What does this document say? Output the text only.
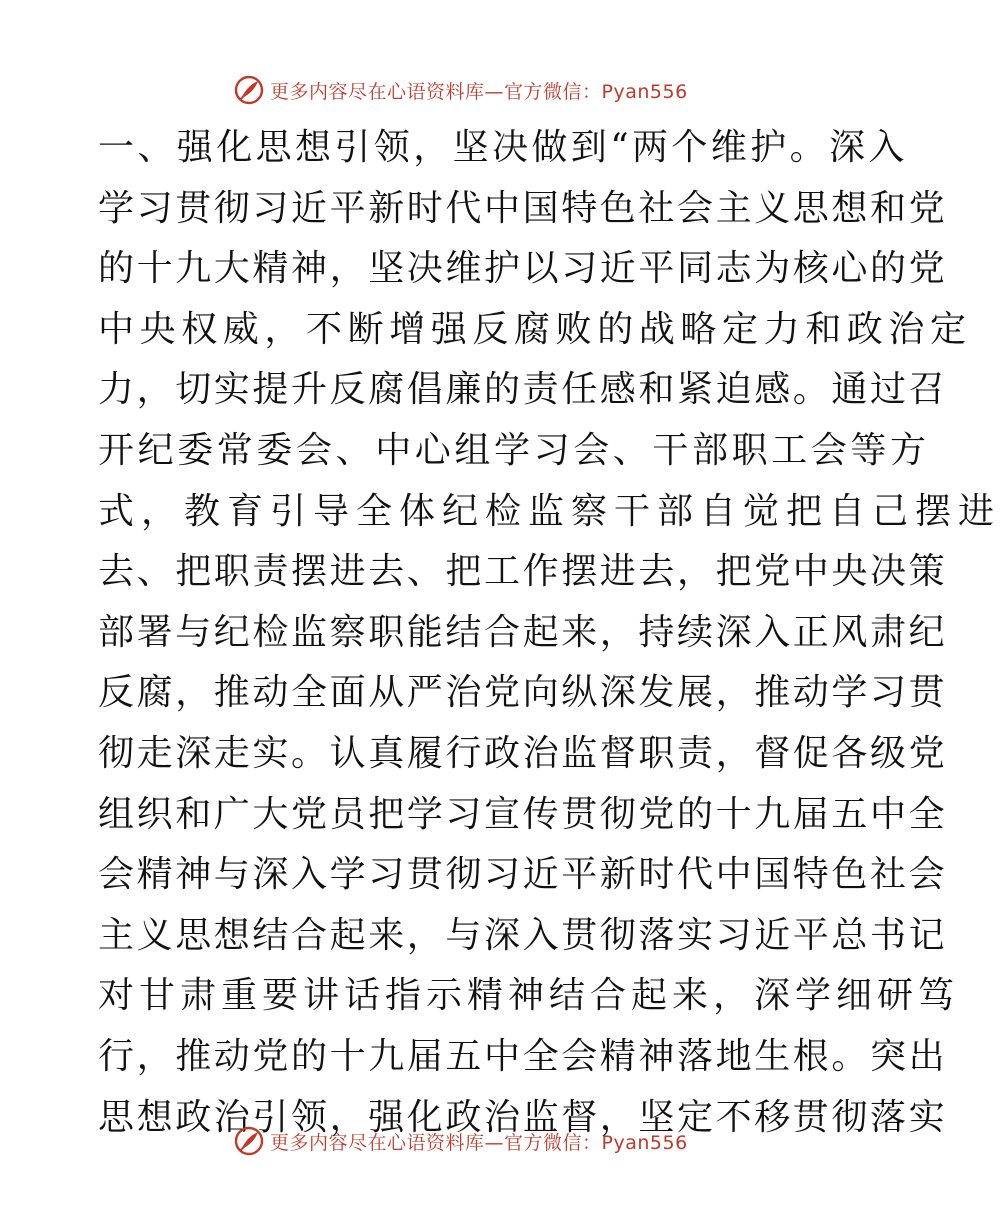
更多内容尽在心语资料库—官方微信：Pyan556
一、强化思想引领，坚决做到“两个维护。深入
学习贯彻习近平新时代中国特色社会主义思想和党
的十九大精神，坚决维护以习近平同志为核心的党
中央权威，不断增强反腐败的战略定力和政治定
力，切实提升反腐倡廉的责任感和紧迫感。通过召
开纪委常委会、中心组学习会、干部职工会等方
式，教育引导全体纪检监察干部自觉把自己摆进
去、把职责摆进去、把工作摆进去，把党中央决策
部署与纪检监察职能结合起来，持续深入正风肃纪
反腐，推动全面从严治党向纵深发展，推动学习贯
彻走深走实。认真履行政治监督职责，督促各级党
组织和广大党员把学习宣传贯彻党的十九届五中全
会精神与深入学习贯彻习近平新时代中国特色社会
主义思想结合起来，与深入贯彻落实习近平总书记
对甘肃重要讲话指示精神结合起来，深学细研笃
行，推动党的十九届五中全会精神落地生根。突出
思想政治引领，强化政治监督，坚定不移贯彻落实
更多内容尽在心语资料库—官方微信：Pyan556
